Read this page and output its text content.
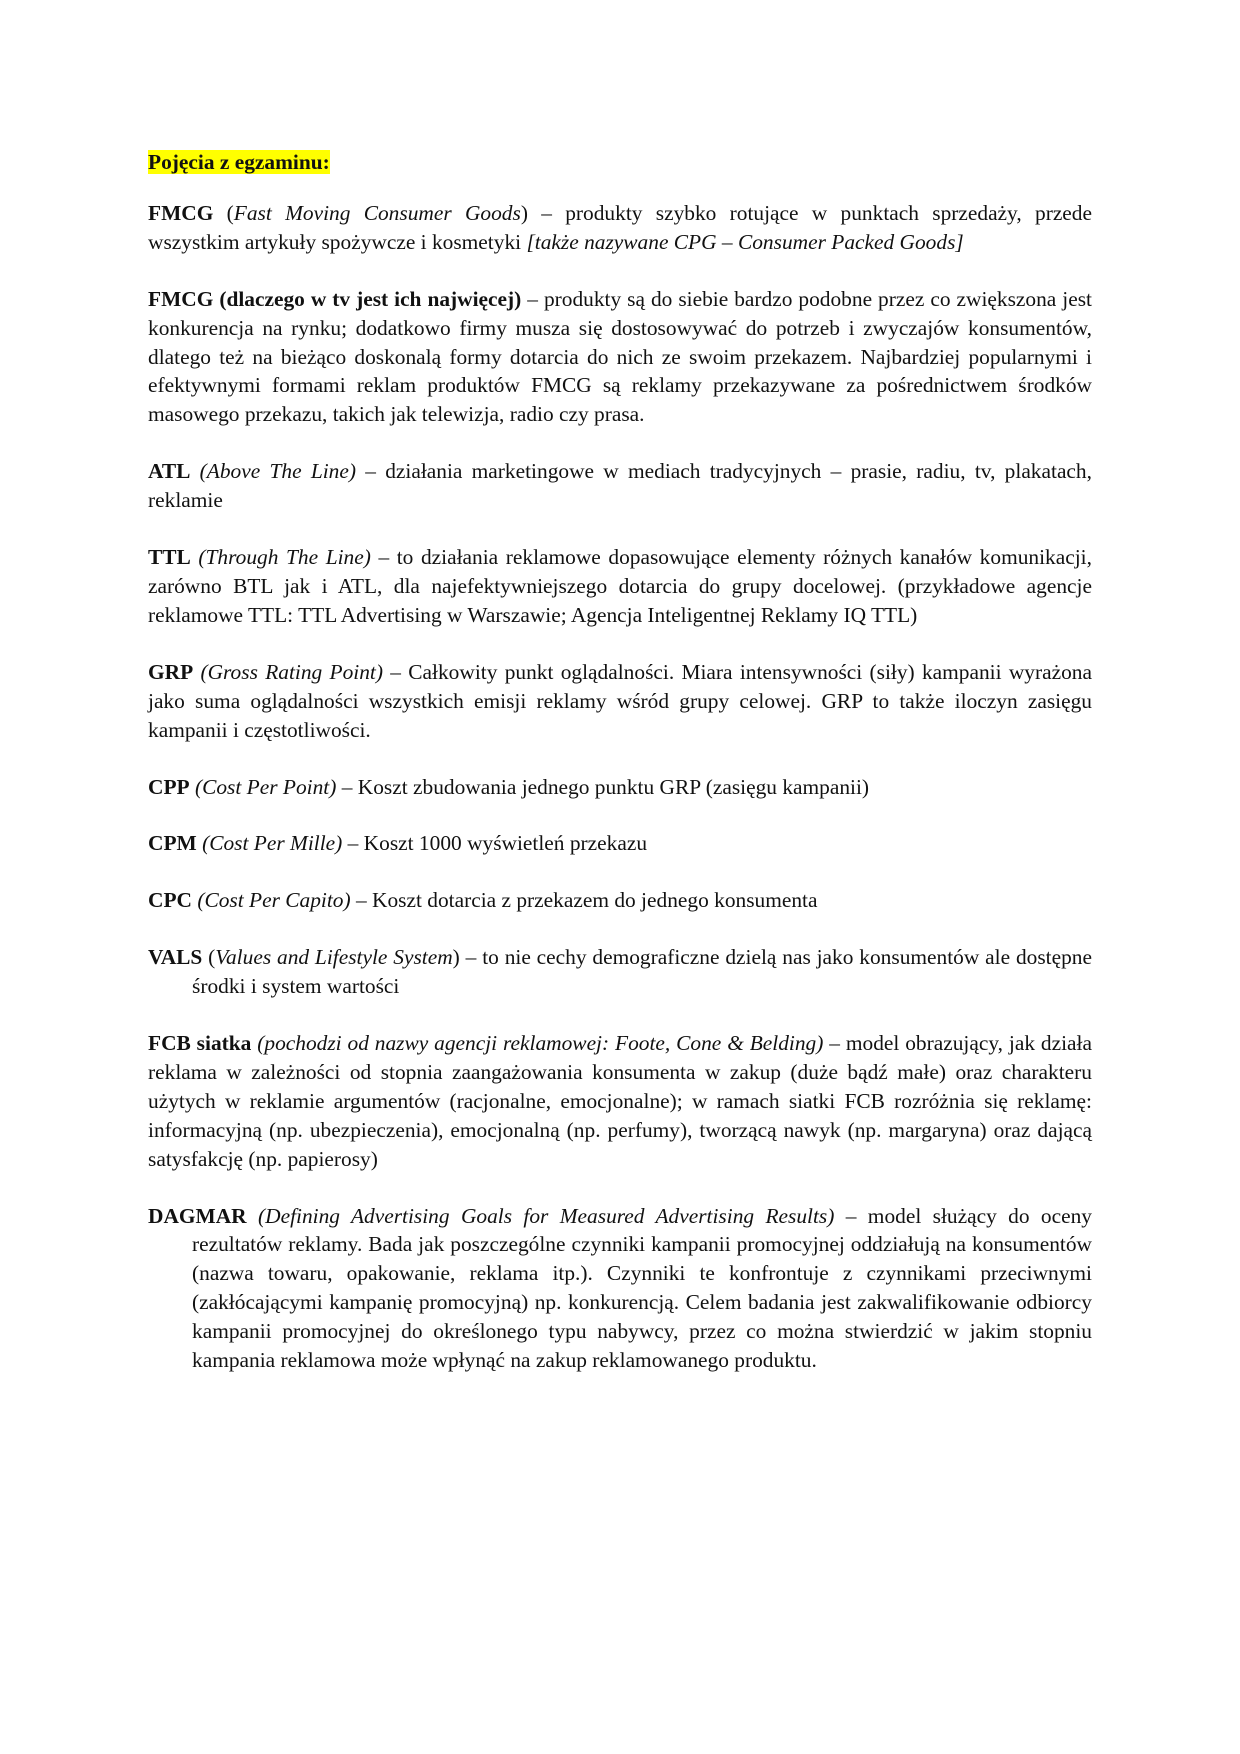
Pojęcia z egzaminu:

FMCG (Fast Moving Consumer Goods) – produkty szybko rotujące w punktach sprzedaży, przede wszystkim artykuły spożywcze i kosmetyki [także nazywane CPG – Consumer Packed Goods]

FMCG (dlaczego w tv jest ich najwięcej) – produkty są do siebie bardzo podobne przez co zwiększona jest konkurencja na rynku; dodatkowo firmy musza się dostosowywać do potrzeb i zwyczajów konsumentów, dlatego też na bieżąco doskonalą formy dotarcia do nich ze swoim przekazem. Najbardziej popularnymi i efektywnymi formami reklam produktów FMCG są reklamy przekazywane za pośrednictwem środków masowego przekazu, takich jak telewizja, radio czy prasa.

ATL (Above The Line) – działania marketingowe w mediach tradycyjnych – prasie, radiu, tv, plakatach, reklamie

TTL (Through The Line) – to działania reklamowe dopasowujące elementy różnych kanałów komunikacji, zarówno BTL jak i ATL, dla najefektywniejszego dotarcia do grupy docelowej. (przykładowe agencje reklamowe TTL: TTL Advertising w Warszawie; Agencja Inteligentnej Reklamy IQ TTL)

GRP (Gross Rating Point) – Całkowity punkt oglądalności. Miara intensywności (siły) kampanii wyrażona jako suma oglądalności wszystkich emisji reklamy wśród grupy celowej. GRP to także iloczyn zasięgu kampanii i częstotliwości.

CPP (Cost Per Point) – Koszt zbudowania jednego punktu GRP (zasięgu kampanii)

CPM (Cost Per Mille) – Koszt 1000 wyświetleń przekazu

CPC (Cost Per Capito) – Koszt dotarcia z przekazem do jednego konsumenta

VALS (Values and Lifestyle System) – to nie cechy demograficzne dzielą nas jako konsumentów ale dostępne środki i system wartości

FCB siatka (pochodzi od nazwy agencji reklamowej: Foote, Cone & Belding) – model obrazujący, jak działa reklama w zależności od stopnia zaangażowania konsumenta w zakup (duże bądź małe) oraz charakteru użytych w reklamie argumentów (racjonalne, emocjonalne); w ramach siatki FCB rozróżnia się reklamę: informacyjną (np. ubezpieczenia), emocjonalną (np. perfumy), tworzącą nawyk (np. margaryna) oraz dającą satysfakcję (np. papierosy)

DAGMAR (Defining Advertising Goals for Measured Advertising Results) – model służący do oceny rezultatów reklamy. Bada jak poszczególne czynniki kampanii promocyjnej oddziałują na konsumentów (nazwa towaru, opakowanie, reklama itp.). Czynniki te konfrontuje z czynnikami przeciwnymi (zakłócającymi kampanię promocyjną) np. konkurencją. Celem badania jest zakwalifikowanie odbiorcy kampanii promocyjnej do określonego typu nabywcy, przez co można stwierdzić w jakim stopniu kampania reklamowa może wpłynąć na zakup reklamowanego produktu.
